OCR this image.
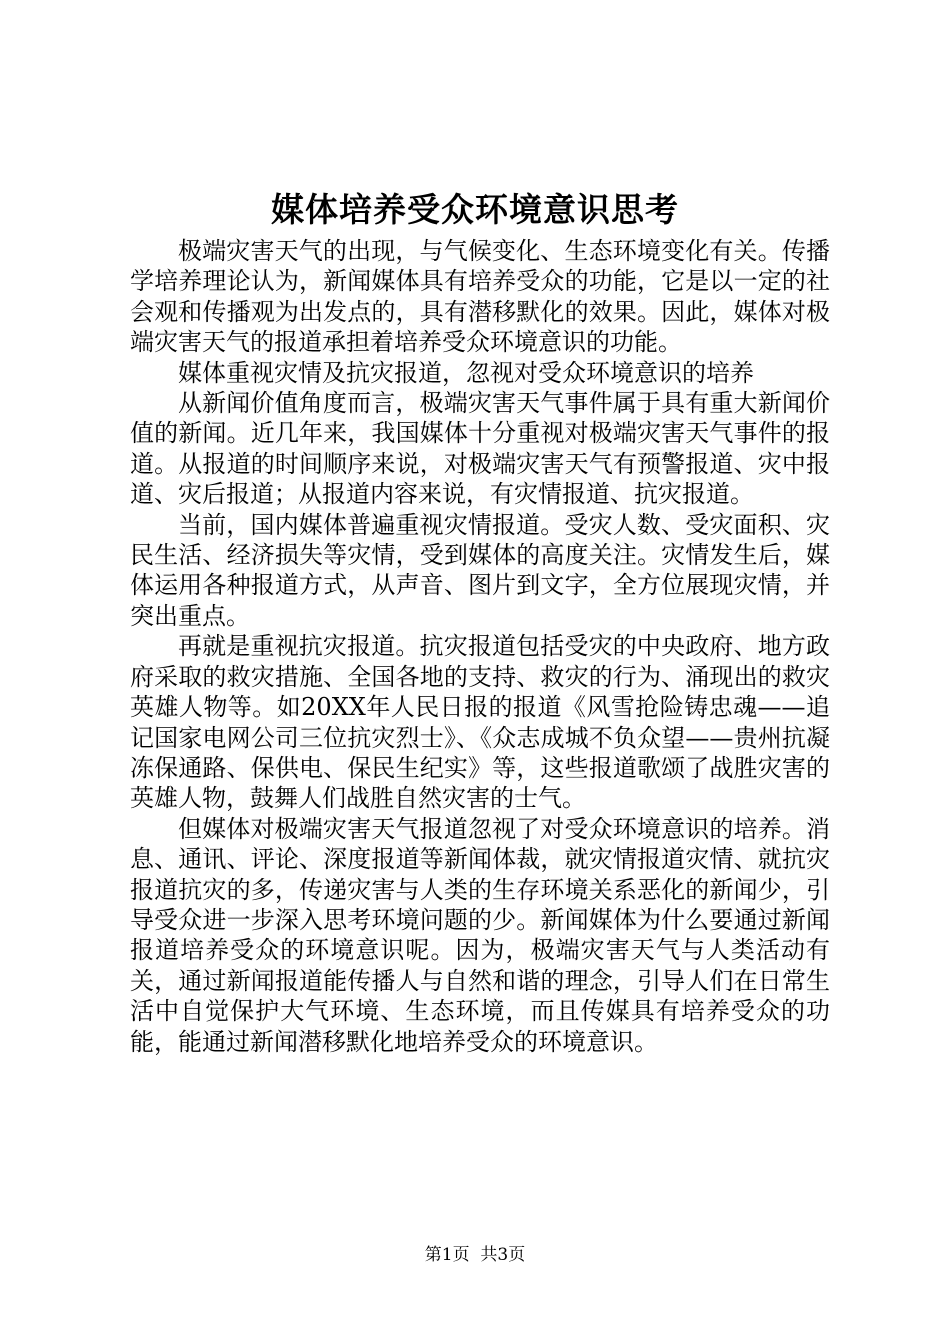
媒体培养受众环境意识思考

极端灾害天气的出现，与气候变化、生态环境变化有关。传播学培养理论认为，新闻媒体具有培养受众的功能，它是以一定的社会观和传播观为出发点的，具有潜移默化的效果。因此，媒体对极端灾害天气的报道承担着培养受众环境意识的功能。

媒体重视灾情及抗灾报道，忽视对受众环境意识的培养

从新闻价值角度而言，极端灾害天气事件属于具有重大新闻价值的新闻。近几年来，我国媒体十分重视对极端灾害天气事件的报道。从报道的时间顺序来说，对极端灾害天气有预警报道、灾中报道、灾后报道；从报道内容来说，有灾情报道、抗灾报道。

当前，国内媒体普遍重视灾情报道。受灾人数、受灾面积、灾民生活、经济损失等灾情，受到媒体的高度关注。灾情发生后，媒体运用各种报道方式，从声音、图片到文字，全方位展现灾情，并突出重点。

再就是重视抗灾报道。抗灾报道包括受灾的中央政府、地方政府采取的救灾措施、全国各地的支持、救灾的行为、涌现出的救灾英雄人物等。如20XX年人民日报的报道《风雪抢险铸忠魂——追记国家电网公司三位抗灾烈士》、《众志成城不负众望——贵州抗凝冻保通路、保供电、保民生纪实》等，这些报道歌颂了战胜灾害的英雄人物，鼓舞人们战胜自然灾害的士气。

但媒体对极端灾害天气报道忽视了对受众环境意识的培养。消息、通讯、评论、深度报道等新闻体裁，就灾情报道灾情、就抗灾报道抗灾的多，传递灾害与人类的生存环境关系恶化的新闻少，引导受众进一步深入思考环境问题的少。新闻媒体为什么要通过新闻报道培养受众的环境意识呢。因为，极端灾害天气与人类活动有关，通过新闻报道能传播人与自然和谐的理念，引导人们在日常生活中自觉保护大气环境、生态环境，而且传媒具有培养受众的功能，能通过新闻潜移默化地培养受众的环境意识。

第1页 共3页
